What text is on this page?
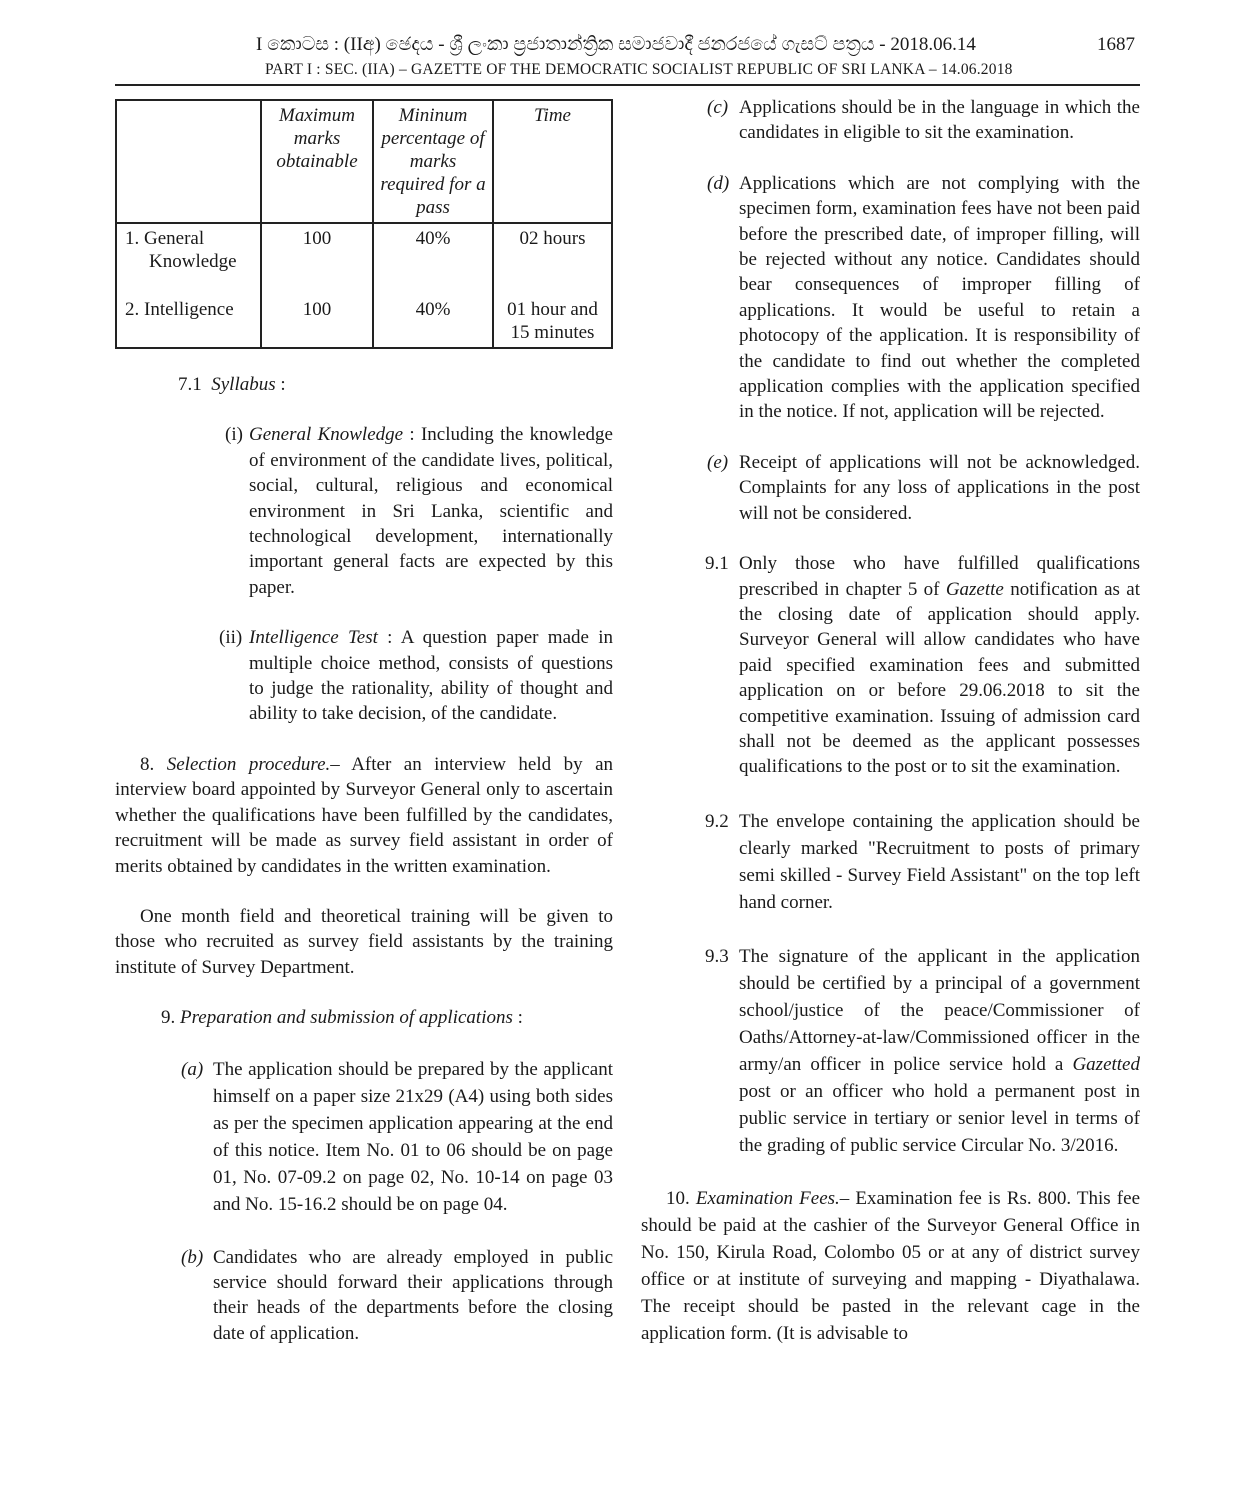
I කොටස : (IIඅ) ඡෙදය - ශ්‍රී ලංකා ප්‍රජාතාන්ත්‍රික සමාජවාදී ජනරජයේ ගැසට් පත්‍රය - 2018.06.14	1687
PART I : SEC. (IIA) – GAZETTE OF THE DEMOCRATIC SOCIALIST REPUBLIC OF SRI LANKA – 14.06.2018
	Maximum marks obtainable	Mininum percentage of marks required for a pass	Time

1. General Knowledge	100	40%	02 hours
2. Intelligence	100	40%	01 hour and 15 minutes

7.1 Syllabus :

(i) General Knowledge : Including the knowledge of environment of the candidate lives, political, social, cultural, religious and economical environment in Sri Lanka, scientific and technological development, internationally important general facts are expected by this paper.

(ii) Intelligence Test : A question paper made in multiple choice method, consists of questions to judge the rationality, ability of thought and ability to take decision, of the candidate.

8. Selection procedure.– After an interview held by an interview board appointed by Surveyor General only to ascertain whether the qualifications have been fulfilled by the candidates, recruitment will be made as survey field assistant in order of merits obtained by candidates in the written examination.

One month field and theoretical training will be given to those who recruited as survey field assistants by the training institute of Survey Department.

9. Preparation and submission of applications :

(a) The application should be prepared by the applicant himself on a paper size 21x29 (A4) using both sides as per the specimen application appearing at the end of this notice. Item No. 01 to 06 should be on page 01, No. 07-09.2 on page 02, No. 10-14 on page 03 and No. 15-16.2 should be on page 04.

(b) Candidates who are already employed in public service should forward their applications through their heads of the departments before the closing date of application.

(c) Applications should be in the language in which the candidates in eligible to sit the examination.

(d) Applications which are not complying with the specimen form, examination fees have not been paid before the prescribed date, of improper filling, will be rejected without any notice. Candidates should bear consequences of improper filling of applications. It would be useful to retain a photocopy of the application. It is responsibility of the candidate to find out whether the completed application complies with the application specified in the notice. If not, application will be rejected.

(e) Receipt of applications will not be acknowledged. Complaints for any loss of applications in the post will not be considered.

9.1 Only those who have fulfilled qualifications prescribed in chapter 5 of Gazette notification as at the closing date of application should apply. Surveyor General will allow candidates who have paid specified examination fees and submitted application on or before 29.06.2018 to sit the competitive examination. Issuing of admission card shall not be deemed as the applicant possesses qualifications to the post or to sit the examination.

9.2 The envelope containing the application should be clearly marked "Recruitment to posts of primary semi skilled - Survey Field Assistant" on the top left hand corner.

9.3 The signature of the applicant in the application should be certified by a principal of a government school/justice of the peace/Commissioner of Oaths/Attorney-at-law/Commissioned officer in the army/an officer in police service hold a Gazetted post or an officer who hold a permanent post in public service in tertiary or senior level in terms of the grading of public service Circular No. 3/2016.

10. Examination Fees.– Examination fee is Rs. 800. This fee should be paid at the cashier of the Surveyor General Office in No. 150, Kirula Road, Colombo 05 or at any of district survey office or at institute of surveying and mapping - Diyathalawa. The receipt should be pasted in the relevant cage in the application form. (It is advisable to
